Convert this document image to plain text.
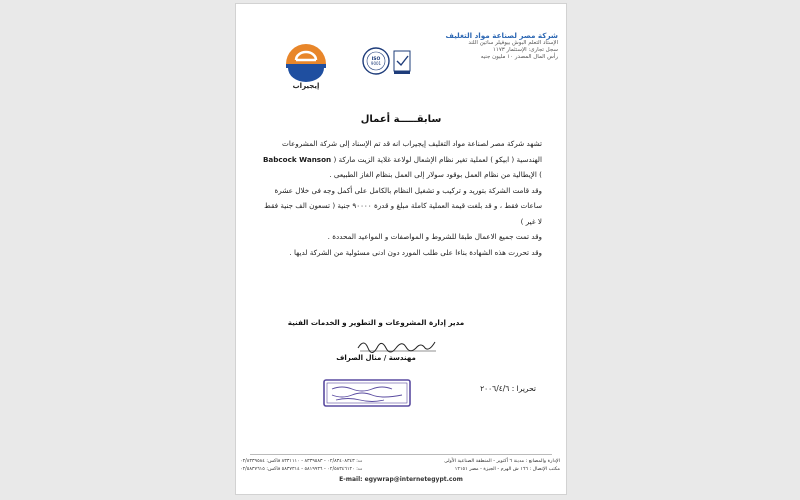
شركة مصر لصناعة مواد التغليف
الإستاد التعلم البوش بيوفيلر ساتين اللند
سجل تجارى: الإستثمار ١١٧٣
رأس المال المصدر ١٠ مليون جنيه
ISO
9001
إيجيراب
سابقـــــة أعمال

تشهد شركة مصر لصناعة مواد التغليف إيجيراب انه قد تم الإسناد إلى شركة المشروعات الهندسية ( ابيكو ) لعملية تغير نظام الإشعال لولاعة غلاية الزيت ماركة ( Babcock Wanson ) الإيطالية من نظام العمل بوقود سولار إلى العمل بنظام الغاز الطبيعى .

وقد قامت الشركة بتوريد و تركيب و تشغيل النظام بالكامل على أكمل وجه فى خلال عشرة ساعات فقط ، و قد بلغت قيمة العملية كاملة مبلغ و قدرة ٩٠٠٠٠ جنية ( تسعون الف جنية فقط لا غير )

وقد تمت جميع الاعمال طبقا للشروط و المواصفات و المواعيد المحددة .

وقد تحررت هذه الشهادة بناءا على طلب المورد دون ادنى مسئولية من الشركة لديها .

مدير إدارة المشروعات و التطوير و الخدمات الفنية
مهندسة / منال الصراف
تحريرا : ٢٠٠٦/٤/٦
ت: ٠٢/٨٣٤٠٨٣٤٣ - ٨٣٣٩٥٨٣ - ٨٣٣١١١٠ فاكس: ٠٢/٨٣٣٩٥٨٤
ت: ٠٢/٥٨٣٤٦١٢٠ - ٥٨١٩٩٣٦ - ٥٨٣٧٣١٤ فاكس: ٠٢/٥٨٣٧٦١٥
الإدارة والمصانع : مدينة ٦ أكتوبر - المنطقة الصناعية الأولى
مكتب الإتصال : ١٦٦ ش الهرم - الجيزة - مصر ١٢١٥١
E-mail: egywrap@internetegypt.com
